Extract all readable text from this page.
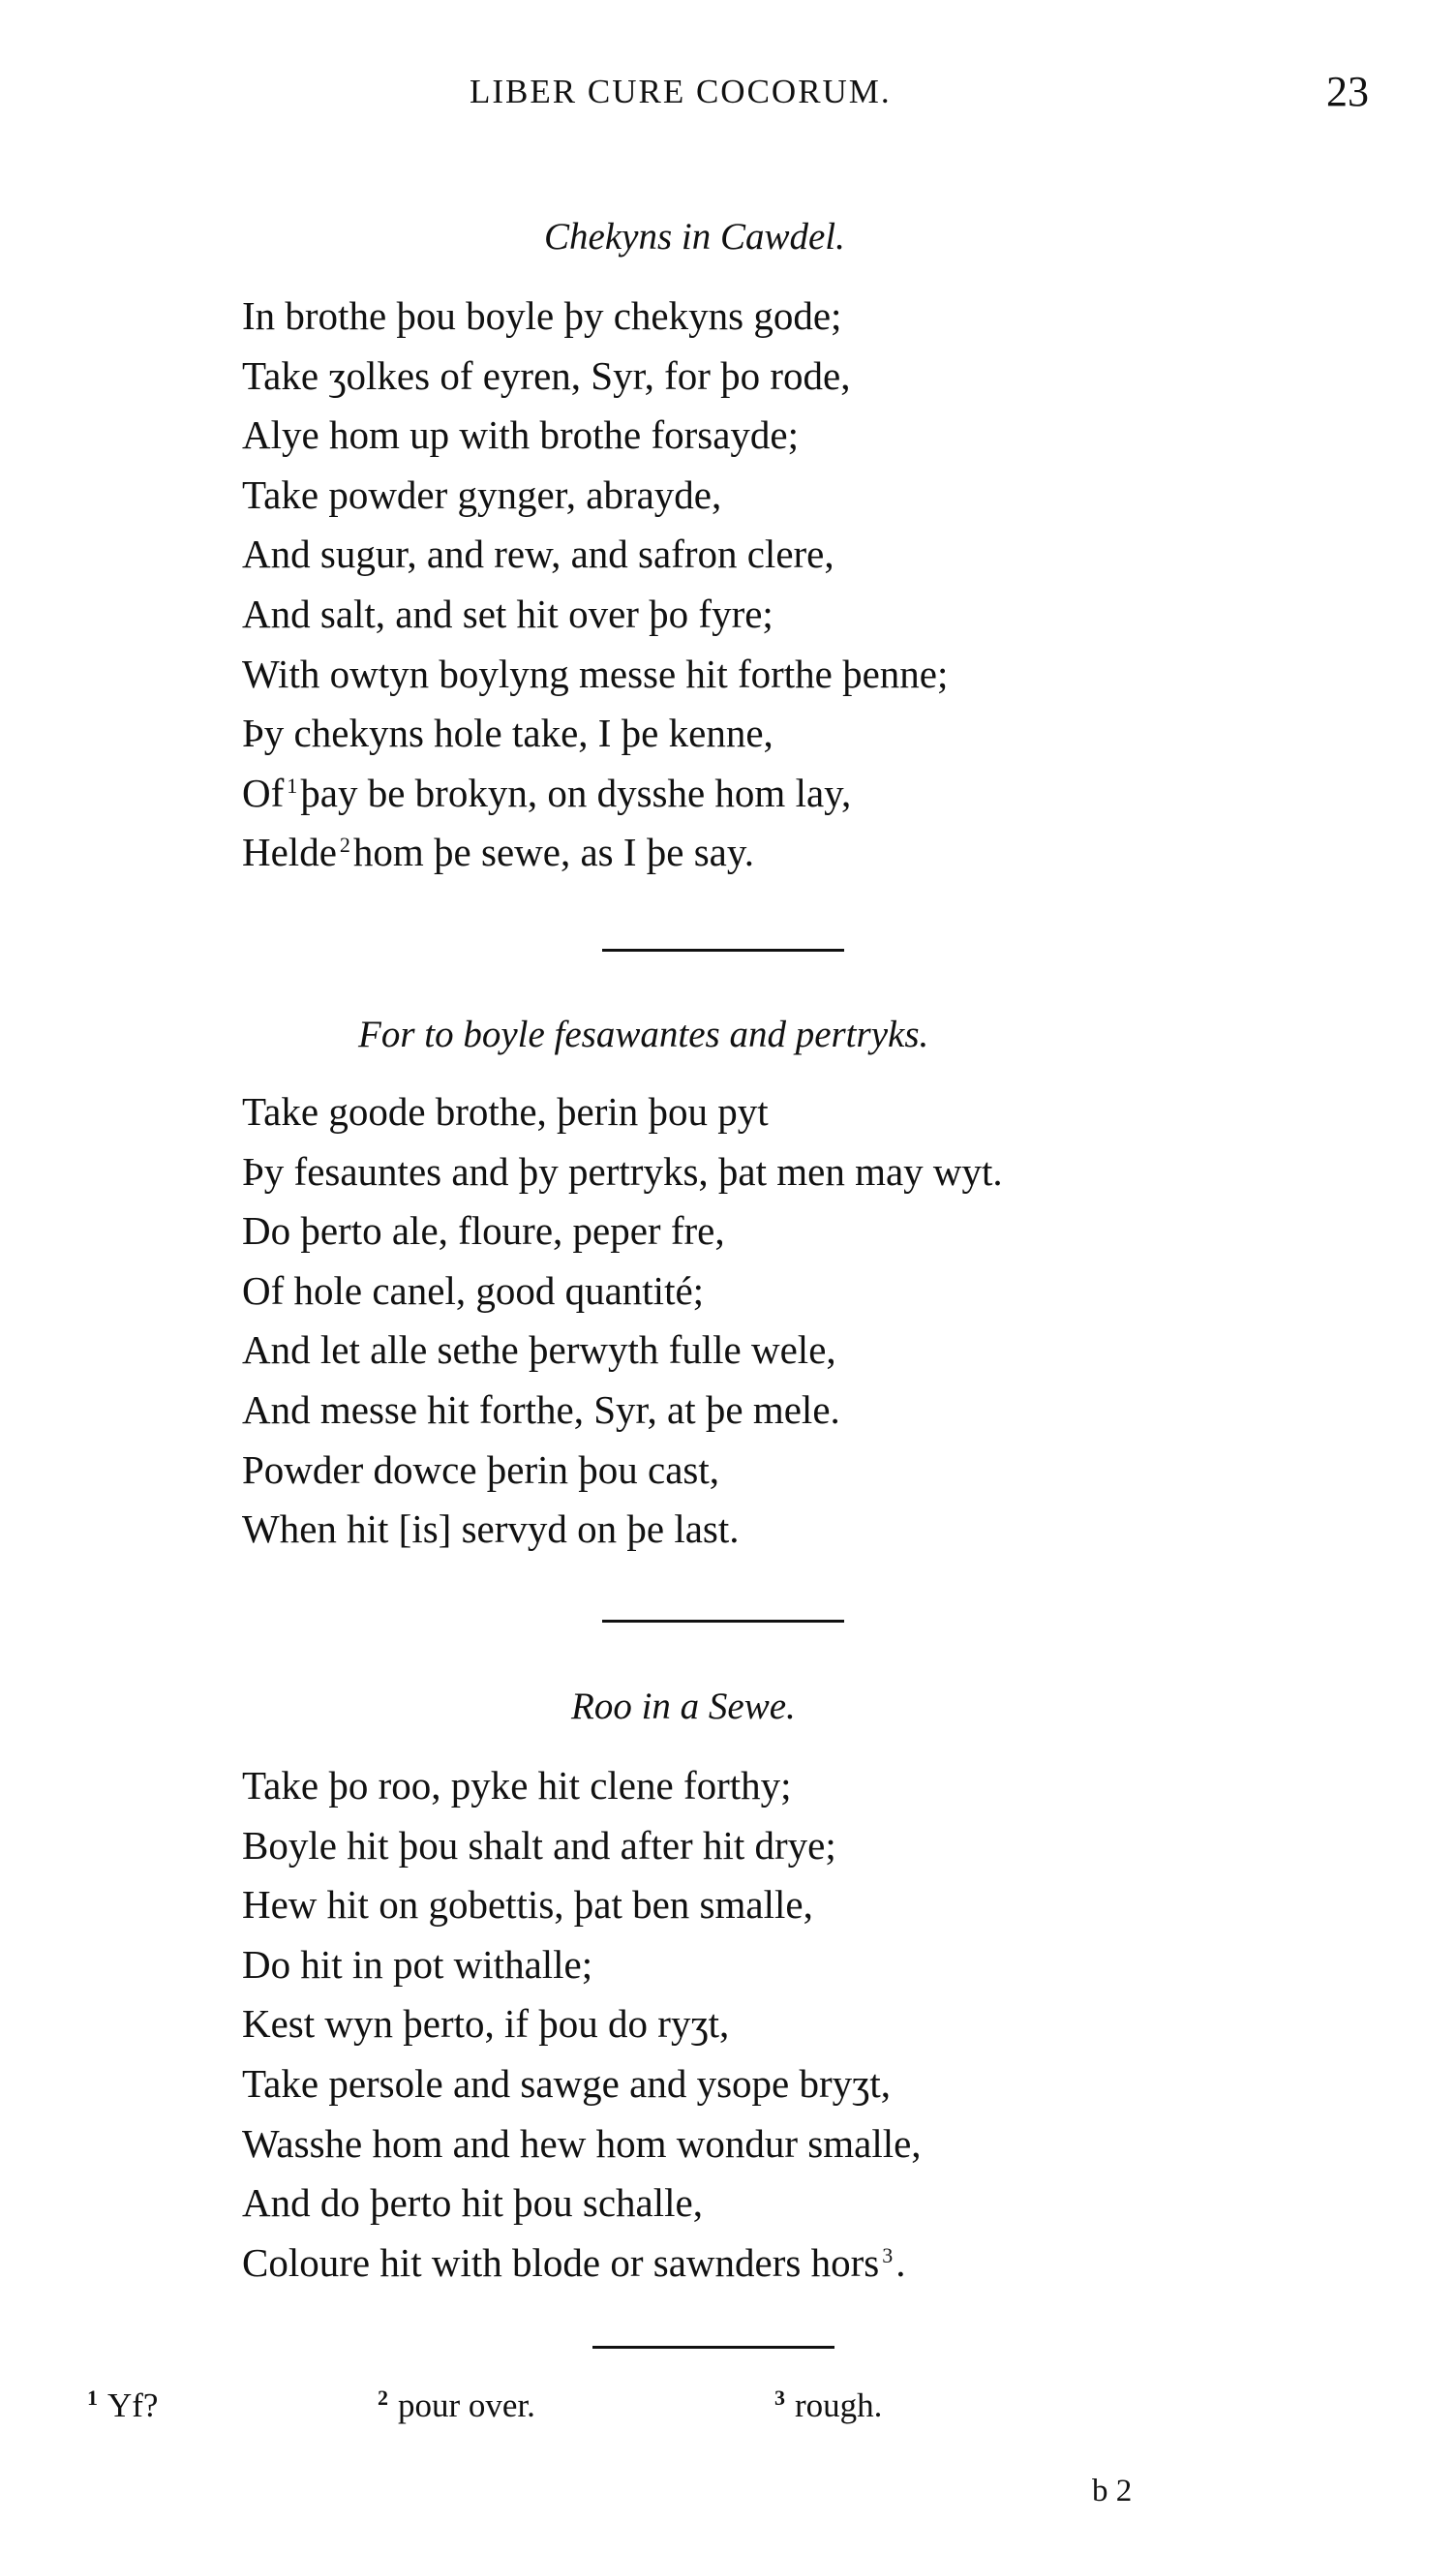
LIBER CURE COCORUM.	23
Chekyns in Cawdel.
In brothe þou boyle þy chekyns gode;
Take ʒolkes of eyren, Syr, for þo rode,
Alye hom up with brothe forsayde;
Take powder gynger, abrayde,
And sugur, and rew, and safron clere,
And salt, and set hit over þo fyre;
With owtyn boylyng messe hit forthe þenne;
Þy chekyns hole take, I þe kenne,
Of $^1$þay be brokyn, on dysshe hom lay,
Helde $^2$hom þe sewe, as I þe say.
For to boyle fesawantes and pertryks.
Take goode brothe, þerin þou pyt
Þy fesauntes and þy pertryks, þat men may wyt.
Do þerto ale, floure, peper fre,
Of hole canel, good quantité;
And let alle sethe þerwyth fulle wele,
And messe hit forthe, Syr, at þe mele.
Powder dowce þerin þou cast,
When hit [is] servyd on þe last.
Roo in a Sewe.
Take þo roo, pyke hit clene forthy;
Boyle hit þou shalt and after hit drye;
Hew hit on gobettis, þat ben smalle,
Do hit in pot withalle;
Kest wyn þerto, if þou do ryʒt,
Take persole and sawge and ysope bryʒt,
Wasshe hom and hew hom wondur smalle,
And do þerto hit þou schalle,
Coloure hit with blode or sawnders hors $^3$.
$^1$ Yf?	$^2$ pour over.	$^3$ rough.
b 2
